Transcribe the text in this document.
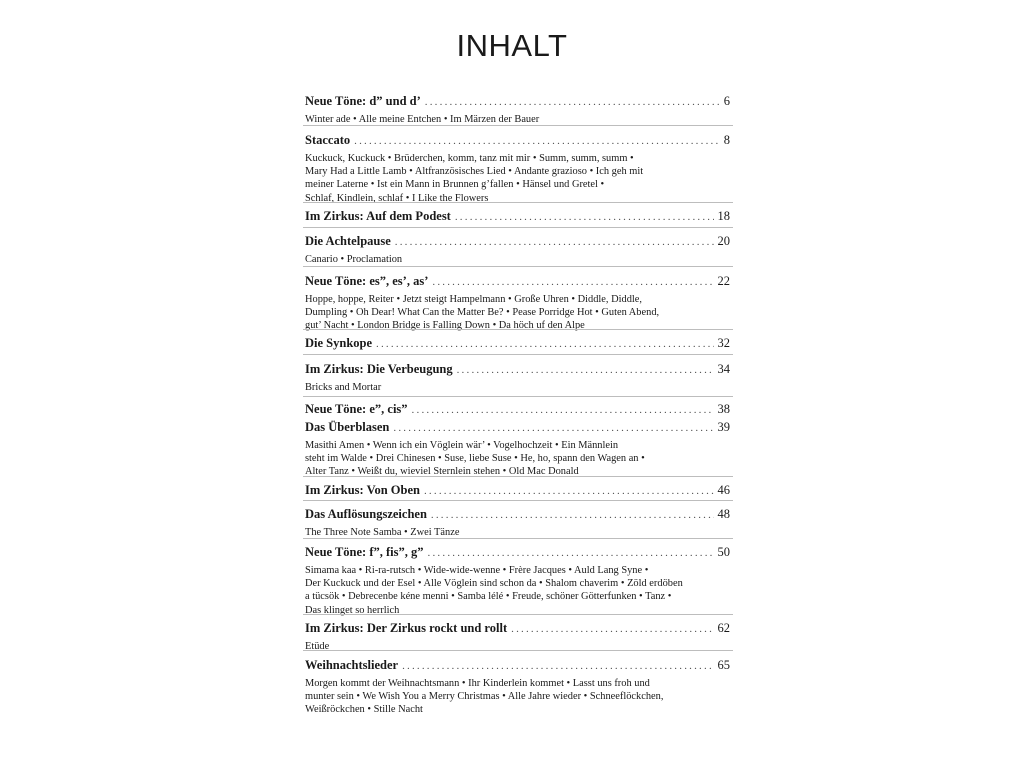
INHALT
Neue Töne: d” und d’ .....	6
Winter ade • Alle meine Entchen • Im Märzen der Bauer
Staccato .....	8
Kuckuck, Kuckuck • Brüderchen, komm, tanz mit mir • Summ, summ, summ •
Mary Had a Little Lamb • Altfranzösisches Lied • Andante grazioso • Ich geh mit
meiner Laterne • Ist ein Mann in Brunnen g’fallen • Hänsel und Gretel •
Schlaf, Kindlein, schlaf • I Like the Flowers
Im Zirkus: Auf dem Podest .....	18
Die Achtelpause .....	20
Canario • Proclamation
Neue Töne: es”, es’, as’ .....	22
Hoppe, hoppe, Reiter • Jetzt steigt Hampelmann • Große Uhren • Diddle, Diddle,
Dumpling • Oh Dear! What Can the Matter Be? • Pease Porridge Hot • Guten Abend,
gut’ Nacht • London Bridge is Falling Down • Da höch uf den Alpe
Die Synkope .....	32
Im Zirkus: Die Verbeugung .....	34
Bricks and Mortar
Neue Töne: e”, cis” .....	38
Das Überblasen .....	39
Masithi Amen • Wenn ich ein Vöglein wär’ • Vogelhochzeit • Ein Männlein
steht im Walde • Drei Chinesen • Suse, liebe Suse • He, ho, spann den Wagen an •
Alter Tanz • Weißt du, wieviel Sternlein stehen • Old Mac Donald
Im Zirkus: Von Oben .....	46
Das Auflösungszeichen .....	48
The Three Note Samba • Zwei Tänze
Neue Töne: f”, fis”, g” .....	50
Simama kaa • Ri-ra-rutsch • Wide-wide-wenne • Frère Jacques • Auld Lang Syne •
Der Kuckuck und der Esel • Alle Vöglein sind schon da • Shalom chaverim • Zöld erdöben
a tücsök • Debrecenbe kéne menni • Samba lélé • Freude, schöner Götterfunken • Tanz •
Das klinget so herrlich
Im Zirkus: Der Zirkus rockt und rollt .....	62
Etüde
Weihnachtslieder .....	65
Morgen kommt der Weihnachtsmann • Ihr Kinderlein kommet • Lasst uns froh und
munter sein • We Wish You a Merry Christmas • Alle Jahre wieder • Schneeflöckchen,
Weißröckchen • Stille Nacht
